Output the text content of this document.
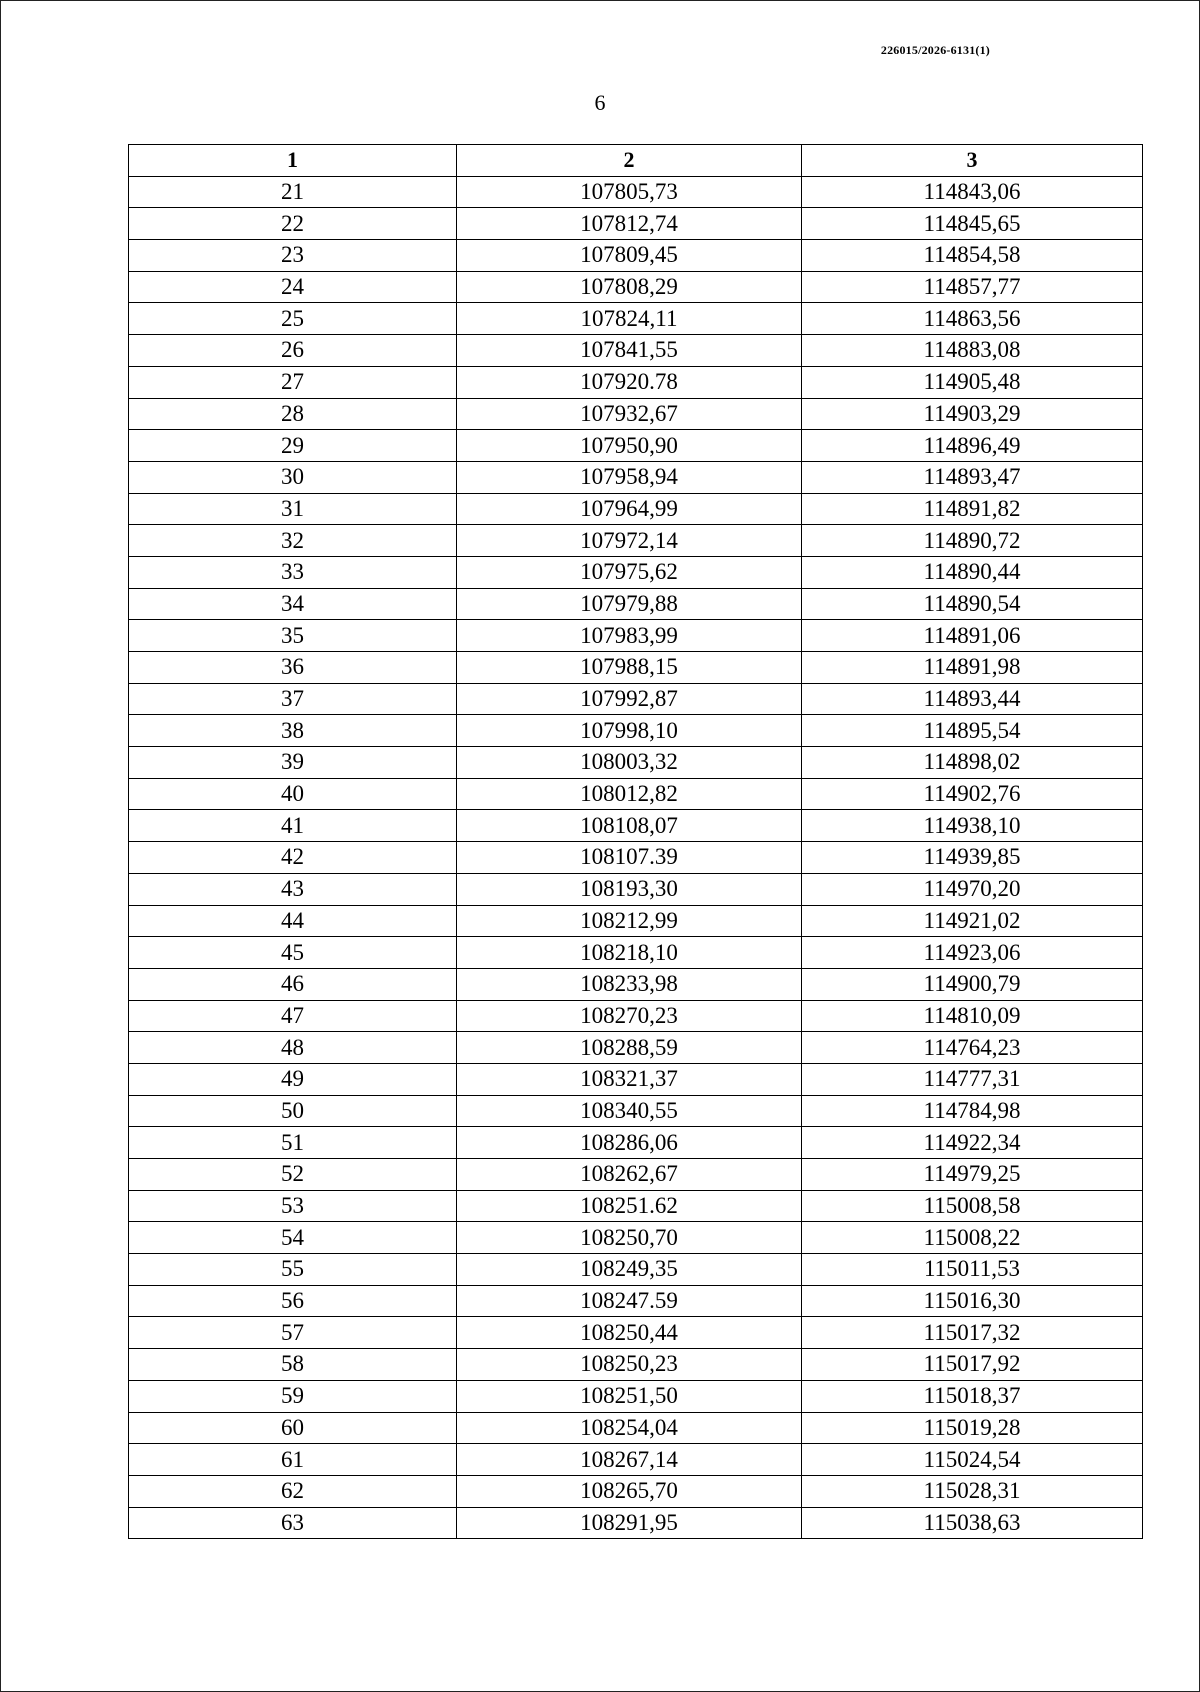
226015/2026-6131(1)
6
1	2	3
21	107805,73	114843,06
22	107812,74	114845,65
23	107809,45	114854,58
24	107808,29	114857,77
25	107824,11	114863,56
26	107841,55	114883,08
27	107920.78	114905,48
28	107932,67	114903,29
29	107950,90	114896,49
30	107958,94	114893,47
31	107964,99	114891,82
32	107972,14	114890,72
33	107975,62	114890,44
34	107979,88	114890,54
35	107983,99	114891,06
36	107988,15	114891,98
37	107992,87	114893,44
38	107998,10	114895,54
39	108003,32	114898,02
40	108012,82	114902,76
41	108108,07	114938,10
42	108107.39	114939,85
43	108193,30	114970,20
44	108212,99	114921,02
45	108218,10	114923,06
46	108233,98	114900,79
47	108270,23	114810,09
48	108288,59	114764,23
49	108321,37	114777,31
50	108340,55	114784,98
51	108286,06	114922,34
52	108262,67	114979,25
53	108251.62	115008,58
54	108250,70	115008,22
55	108249,35	115011,53
56	108247.59	115016,30
57	108250,44	115017,32
58	108250,23	115017,92
59	108251,50	115018,37
60	108254,04	115019,28
61	108267,14	115024,54
62	108265,70	115028,31
63	108291,95	115038,63
